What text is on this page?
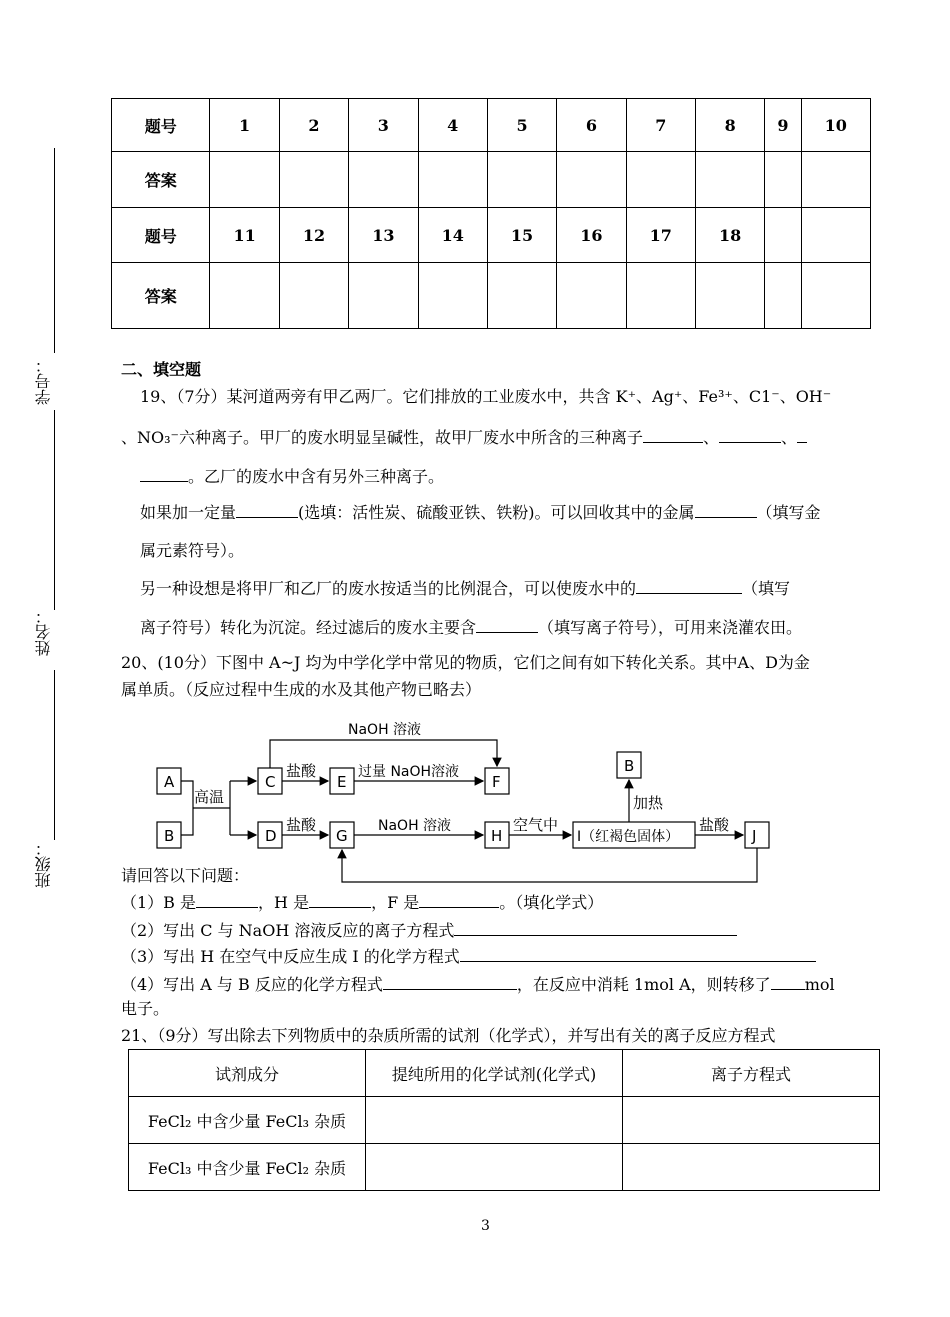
题号	1	2	3	4	5	6	7	8	9	10
答案										
题号	11	12	13	14	15	16	17	18		
答案										
学号：
姓名：
班级：
二、填空题
19、（7分）某河道两旁有甲乙两厂。它们排放的工业废水中，共含 K⁺、Ag⁺、Fe³⁺、C1⁻、OH⁻
、NO₃⁻六种离子。甲厂的废水明显呈碱性，故甲厂废水中所含的三种离子	、	、
。乙厂的废水中含有另外三种离子。
如果加一定量	(选填：活性炭、硫酸亚铁、铁粉)。可以回收其中的金属	（填写金
属元素符号）。
另一种设想是将甲厂和乙厂的废水按适当的比例混合，可以使废水中的	（填写
离子符号）转化为沉淀。经过滤后的废水主要含	（填写离子符号），可用来浇灌农田。
20、(10分）下图中 A~J 均为中学化学中常见的物质，它们之间有如下转化关系。其中A、D为金
属单质。（反应过程中生成的水及其他产物已略去）
A
B
C
D
E
G
F
H	I（红褐色固体）
B
J
高温
盐酸	过量 NaOH溶液
NaOH 溶液
盐酸	NaOH 溶液	空气中
加热
盐酸
请回答以下问题：
（1）B 是	，H 是	，F 是	。（填化学式）
（2）写出 C 与 NaOH 溶液反应的离子方程式
（3）写出 H 在空气中反应生成 I 的化学方程式
（4）写出 A 与 B 反应的化学方程式	，在反应中消耗 1mol A，则转移了 mol
电子。
21、（9分）写出除去下列物质中的杂质所需的试剂（化学式），并写出有关的离子反应方程式
试剂成分	提纯所用的化学试剂(化学式)	离子方程式
FeCl₂ 中含少量 FeCl₃ 杂质		
FeCl₃ 中含少量 FeCl₂ 杂质		
3
